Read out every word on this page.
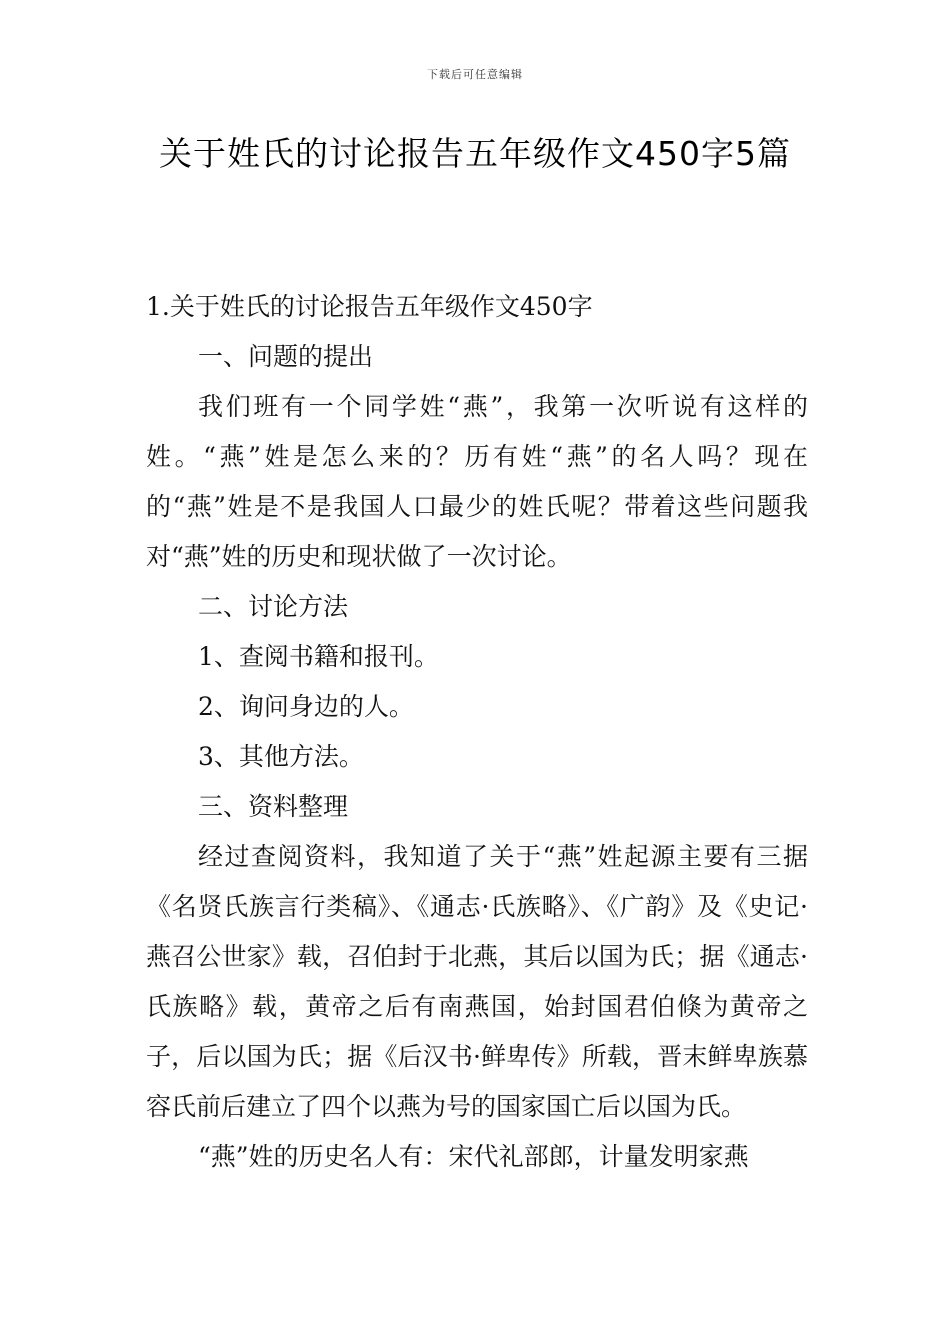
下载后可任意编辑
关于姓氏的讨论报告五年级作文450字5篇

1.关于姓氏的讨论报告五年级作文450字

一、问题的提出

我们班有一个同学姓“燕”，我第一次听说有这样的姓。“燕”姓是怎么来的？历有姓“燕”的名人吗？现在的“燕”姓是不是我国人口最少的姓氏呢？带着这些问题我对“燕”姓的历史和现状做了一次讨论。

二、讨论方法

1、查阅书籍和报刊。

2、询问身边的人。

3、其他方法。

三、资料整理

经过查阅资料，我知道了关于“燕”姓起源主要有三据《名贤氏族言行类稿》、《通志·氏族略》、《广韵》及《史记·燕召公世家》载，召伯封于北燕，其后以国为氏；据《通志·氏族略》载，黄帝之后有南燕国，始封国君伯倏为黄帝之子，后以国为氏；据《后汉书·鲜卑传》所载，晋末鲜卑族慕容氏前后建立了四个以燕为号的国家国亡后以国为氏。

“燕”姓的历史名人有：宋代礼部郎，计量发明家燕
